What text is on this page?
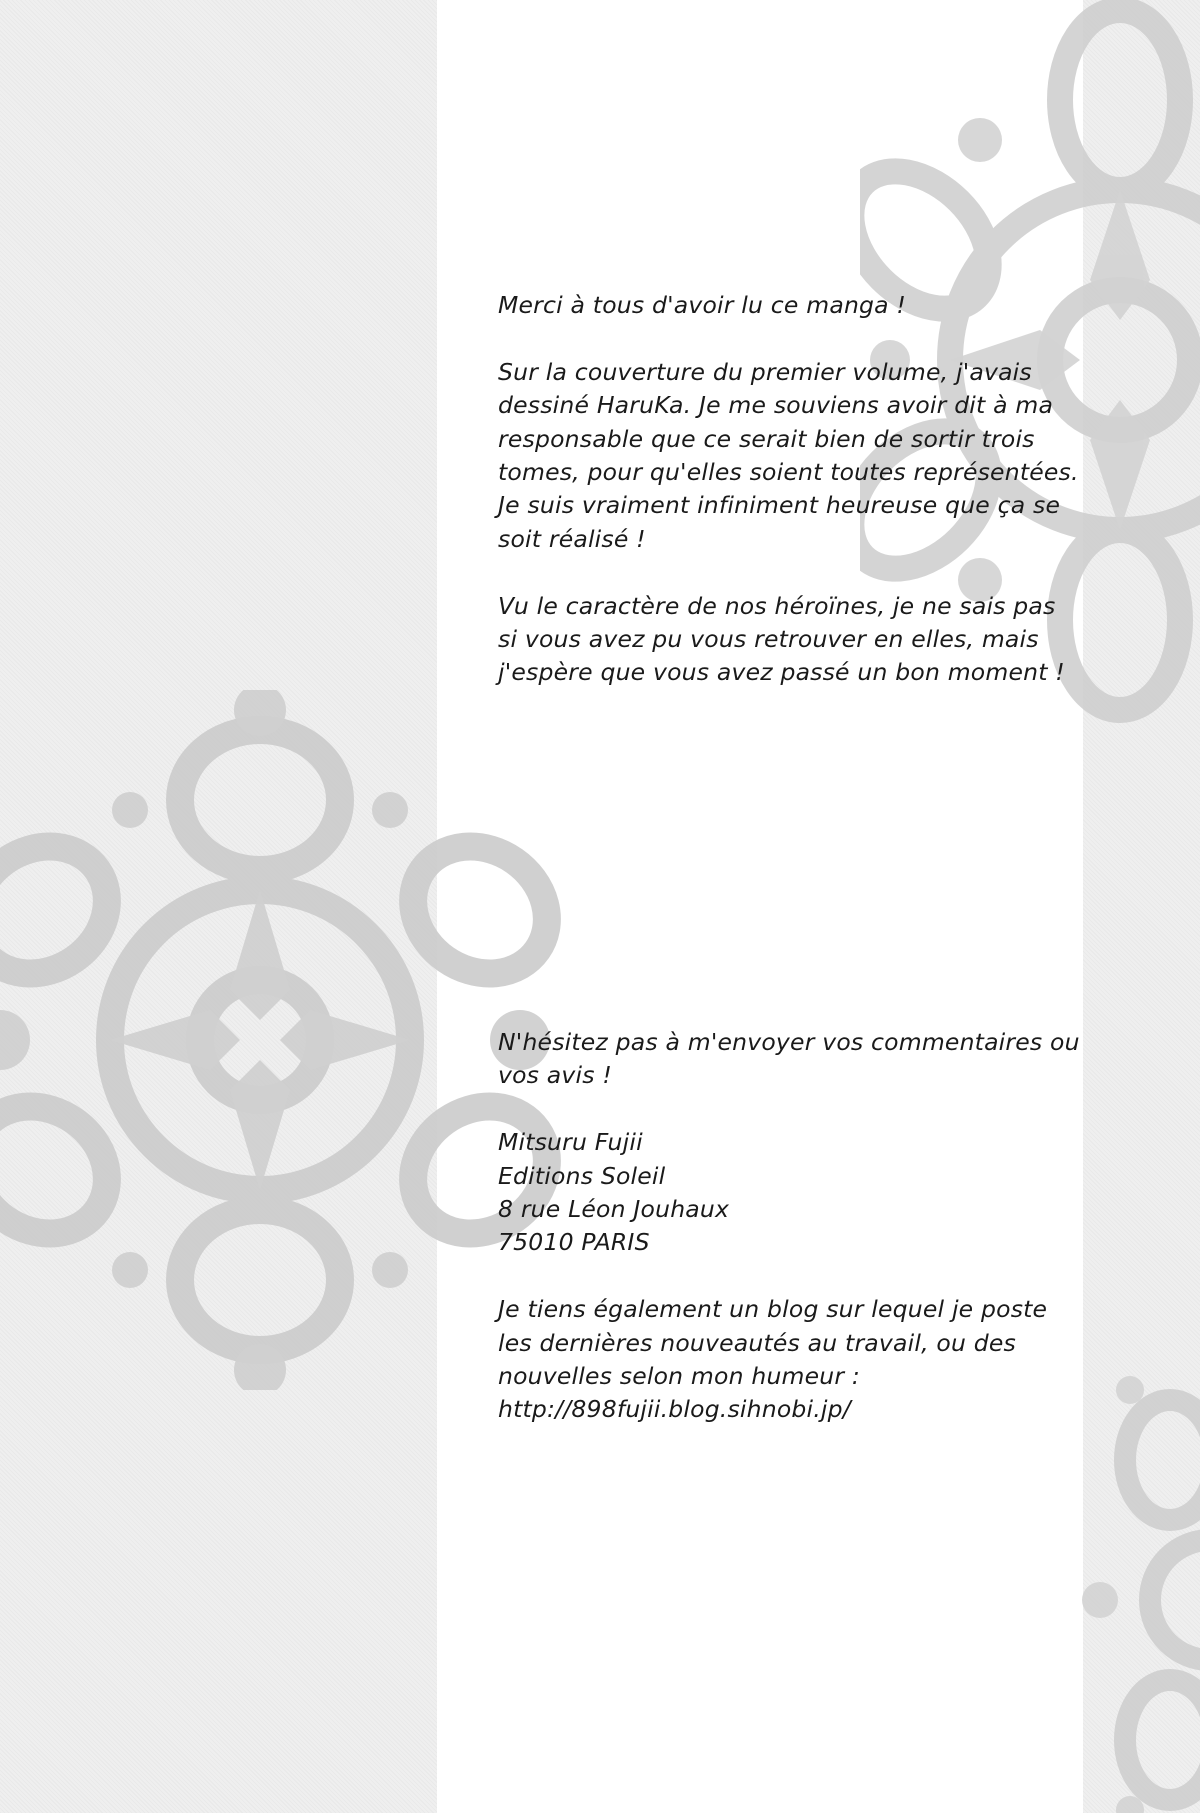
Merci à tous d'avoir lu ce manga !

Sur la couverture du premier volume, j'avais
dessiné HaruKa. Je me souviens avoir dit à ma
responsable que ce serait bien de sortir trois
tomes, pour qu'elles soient toutes représentées.
Je suis vraiment infiniment heureuse que ça se
soit réalisé !

Vu le caractère de nos héroïnes, je ne sais pas
si vous avez pu vous retrouver en elles, mais
j'espère que vous avez passé un bon moment !

N'hésitez pas à m'envoyer vos commentaires ou
vos avis !

Mitsuru Fujii
Editions Soleil
8 rue Léon Jouhaux
75010 PARIS

Je tiens également un blog sur lequel je poste
les dernières nouveautés au travail, ou des
nouvelles selon mon humeur :
http://898fujii.blog.sihnobi.jp/
